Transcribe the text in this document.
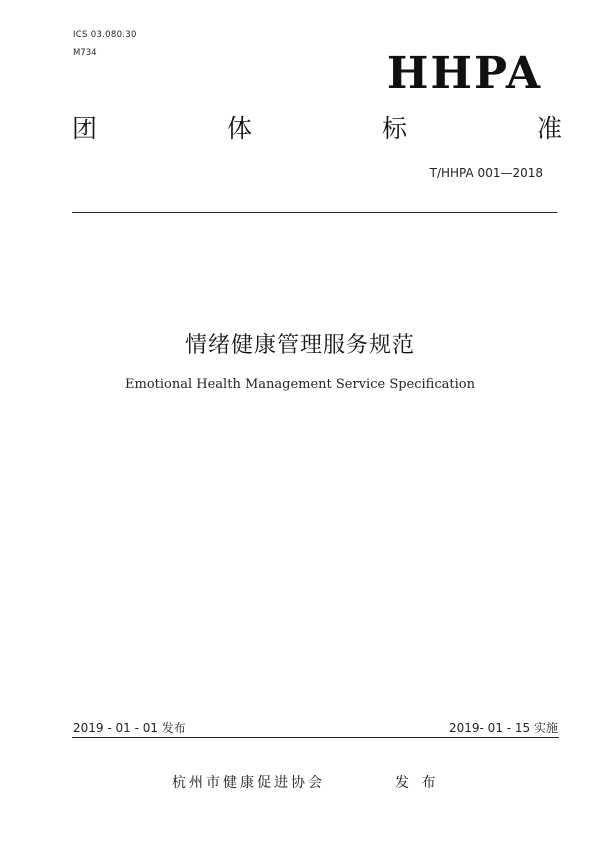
ICS 03.080.30
M734	HHPA
团	体	标	准
T/HHPA 001—2018
情绪健康管理服务规范
Emotional Health Management Service Specification
2019 - 01 - 01 发布	2019- 01 - 15 实施
杭州市健康促进协会	发 布
